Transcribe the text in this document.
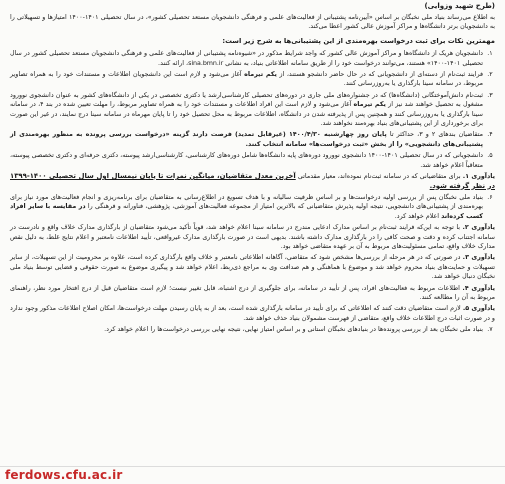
(طرح شهید وزوایی)

به اطلاع می‌رساند بنیاد ملی نخبگان بر اساس «آیین‌نامه پشتیبانی از فعالیت‌های علمی و فرهنگی دانشجویان مستعد تحصیلی کشور»، در سال تحصیلی ۱۴۰۱-۱۴۰۰ امتیازها و تسهیلاتی را به دانشجویان برتر دانشگاه‌ها و مراکز آموزش عالی کشور اعطا می‌کند.

مهمترین نکات برای ثبت درخواست بهره‌مندی از این پشتیبانی‌ها به شرح زیر است:
۱.
دانشجویان هریک از دانشگاه‌ها و مراکز آموزش عالی کشور که واجد شرایط مذکور در «شیوه‌نامه پشتیبانی از فعالیت‌های علمی و فرهنگی دانشجویان مستعد تحصیلی کشور در سال تحصیلی ۱۴۰۱-۱۴۰۰» هستند، می‌توانند درخواست خود را از طریق سامانه اطلاعاتی بنیاد، به نشانی sina.bmn.ir، ارائه کنند.
۲.
فرایند ثبت‌نام از دسته‌ای از دانشجویانی که در حال حاضر دانشجو هستند، از یکم تیرماه آغاز می‌شود و لازم است این دانشجویان اطلاعات و مستندات خود را به همراه تصاویر مربوط، در سامانه سینا بارگذاری یا به‌روزرسانی کنند.
۳.
ثبت‌نام دانش‌آموختگانی (دانشگاه‌ها) که در جشنواره‌های ملی جاری در دوره‌های تحصیلی کارشناسی‌ارشد یا دکتری تخصصی در یکی از دانشگاه‌های کشور به عنوان دانشجوی نوورود مشغول به تحصیل خواهند شد نیز از یکم تیرماه آغاز می‌شود و لازم است این افراد اطلاعات و مستندات خود را به همراه تصاویر مربوط، را مهلت تعیین شده در بند ۴، در سامانه سینا بارگذاری یا به‌روزرسانی کنند و همچنین پس از پذیرفته شدن در دانشگاه، اطلاعات مربوط به محل تحصیل خود را تا پایان مهرماه در سامانه سینا درج نمایند، در غیر این صورت برای برخورداری از این پشتیبانی‌های بنیاد بهره‌مند نخواهند شد.
۴.
متقاضیان بندهای ۲ و ۳، حداکثر تا پایان روز چهارشنبه ۱۴۰۰/۴/۳۰ (غیرقابل تمدید) فرصت دارند گزینه «درخواست بررسی پرونده به منظور بهره‌مندی از پشتیبانی‌های دانشجویی» را از بخش «ثبت درخواست‌ها» سامانه انتخاب کنند.
۵.
دانشجویانی که در سال تحصیلی ۱۴۰۱-۱۴۰۰ دانشجوی نوورود دوره‌های پایه دانشگاه‌ها شامل دوره‌های کارشناسی، کارشناسی‌ارشد پیوسته، دکتری حرفه‌ای و دکتری تخصصی پیوسته، متعاقباً اعلام خواهد شد.
یادآوری ۱. برای متقاضیانی که در سامانه ثبت‌نام نموده‌اند، معیار مقدماتی آخرین معدل متقاضیان، میانگین نمرات تا پایان نیمسال اول سال تحصیلی ۱۴۰۰-۱۳۹۹ در نظر گرفته شود.
۶.
بنیاد ملی نخبگان پس از بررسی اولیه درخواست‌ها و بر اساس ظرفیت سالیانه و با هدف تسویع در اطلاع‌رسانی به متقاضیان برای برنامه‌ریزی و انجام فعالیت‌های مورد نیاز برای بهره‌مندی از پشتیبانی‌های دانشجویی، نتیجه اولیه پذیرش متقاضیانی که بالاترین امتیاز از مجموعه فعالیت‌های آموزشی، پژوهشی، فناورانه و فرهنگی را در مقایسه با سایر افراد کسب کرده‌اند اعلام خواهد کرد.
یادآوری ۲. با توجه به این‌که فرایند ثبت‌نام بر اساس مدارک ادعایی مندرج در سامانه سینا اعلام خواهد شد، قویاً تأکید می‌شود متقاضیان از بارگذاری مدارک خلاف واقع و نادرست در سامانه اجتناب کرده و دقت و صحت کافی را در بارگذاری مدارک داشته باشند. بدیهی است در صورت بارگذاری مدارک غیرواقعی، تأیید اطلاعات نامعتبر و اعلام نتایج غلط، به دلیل نقص مدارک خلاف واقع، تمامی مسئولیت‌های مربوط به آن بر عهده متقاضی خواهد بود.
یادآوری ۳. در صورتی که در هر مرحله از بررسی‌ها مشخص شود که متقاضی، آگاهانه اطلاعاتی نامعتبر و خلاف واقع بارگذاری کرده است، علاوه بر محرومیت از این تسهیلات، از سایر تسهیلات و حمایت‌های بنیاد محروم خواهد شد و موضوع با هماهنگی و هم صدافت وی به مراجع ذی‌ربط، اعلام خواهد شد و پیگیری موضوع به صورت حقوقی و قضایی توسط بنیاد ملی نخبگان دنبال خواهد شد.
یادآوری ۴. اطلاعات مربوط به فعالیت‌های افراد، پس از تأیید در سامانه، برای جلوگیری از درج اشتباه، قابل تغییر نیست؛ لازم است متقاضیان قبل از درج افتخار مورد نظر، راهنمای مربوط به آن را مطالعه کنند.
یادآوری ۵. لازم است متقاضیان دقت کنند که اطلاعاتی که برای تأیید در سامانه بارگذاری شده است، بعد از به پایان رسیدن مهلت درخواست‌ها، امکان اصلاح اطلاعات مذکور وجود ندارد و در صورت اثبات درج اطلاعات خلاف واقع، متقاضی از فهرست مشمولان بنیاد حذف خواهد شد.
۷.
بنیاد ملی نخبگان بعد از بررسی پرونده‌ها در بنیادهای نخبگان استانی و بر اساس امتیاز نهایی، نتیجه نهایی بررسی درخواست‌ها را اعلام خواهد کرد.
ferdows.cfu.ac.ir
